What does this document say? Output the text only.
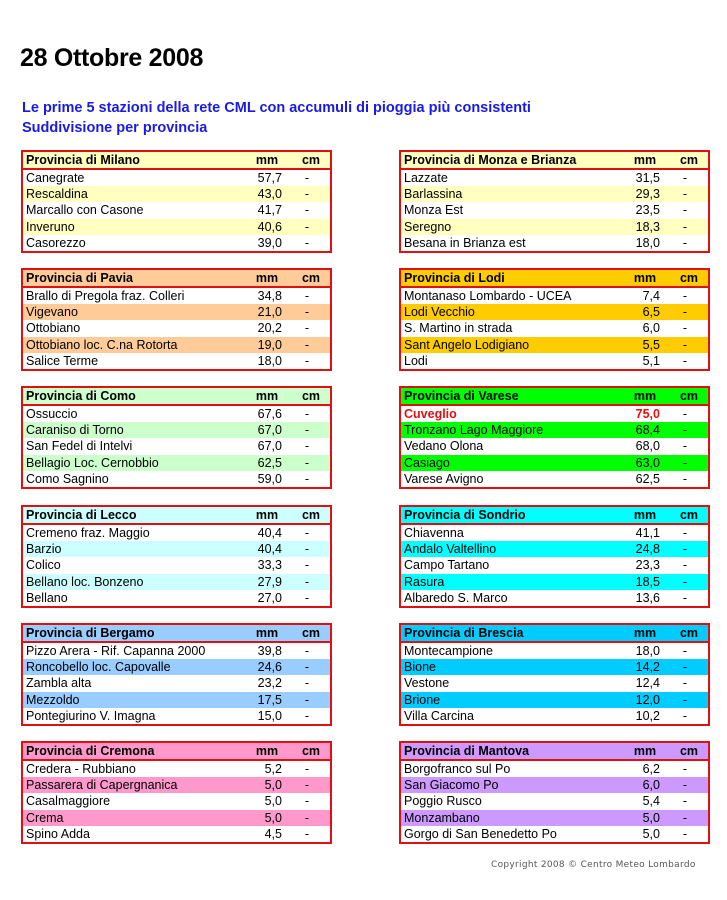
28 Ottobre 2008
Le prime 5 stazioni della rete CML con accumuli di pioggia più consistenti
Suddivisione per provincia
Provincia di Milano	mm	cm
Canegrate	57,7	-
Rescaldina	43,0	-
Marcallo con Casone	41,7	-
Inveruno	40,6	-
Casorezzo	39,0	-
Provincia di Monza e Brianza	mm	cm
Lazzate	31,5	-
Barlassina	29,3	-
Monza Est	23,5	-
Seregno	18,3	-
Besana in Brianza est	18,0	-
Provincia di Pavia	mm	cm
Brallo di Pregola fraz. Colleri	34,8	-
Vigevano	21,0	-
Ottobiano	20,2	-
Ottobiano loc. C.na Rotorta	19,0	-
Salice Terme	18,0	-
Provincia di Lodi	mm	cm
Montanaso Lombardo - UCEA	7,4	-
Lodi Vecchio	6,5	-
S. Martino in strada	6,0	-
Sant Angelo Lodigiano	5,5	-
Lodi	5,1	-
Provincia di Como	mm	cm
Ossuccio	67,6	-
Caraniso di Torno	67,0	-
San Fedel di Intelvi	67,0	-
Bellagio Loc. Cernobbio	62,5	-
Como Sagnino	59,0	-
Provincia di Varese	mm	cm
Cuveglio	75,0	-
Tronzano Lago Maggiore	68,4	-
Vedano Olona	68,0	-
Casiago	63,0	-
Varese Avigno	62,5	-
Provincia di Lecco	mm	cm
Cremeno fraz. Maggio	40,4	-
Barzio	40,4	-
Colico	33,3	-
Bellano loc. Bonzeno	27,9	-
Bellano	27,0	-
Provincia di Sondrio	mm	cm
Chiavenna	41,1	-
Andalo Valtellino	24,8	-
Campo Tartano	23,3	-
Rasura	18,5	-
Albaredo S. Marco	13,6	-
Provincia di Bergamo	mm	cm
Pizzo Arera - Rif. Capanna 2000	39,8	-
Roncobello loc. Capovalle	24,6	-
Zambla alta	23,2	-
Mezzoldo	17,5	-
Pontegiurino V. Imagna	15,0	-
Provincia di Brescia	mm	cm
Montecampione	18,0	-
Bione	14,2	-
Vestone	12,4	-
Brione	12,0	-
Villa Carcina	10,2	-
Provincia di Cremona	mm	cm
Credera - Rubbiano	5,2	-
Passarera di Capergnanica	5,0	-
Casalmaggiore	5,0	-
Crema	5,0	-
Spino Adda	4,5	-
Provincia di Mantova	mm	cm
Borgofranco sul Po	6,2	-
San Giacomo Po	6,0	-
Poggio Rusco	5,4	-
Monzambano	5,0	-
Gorgo di San Benedetto Po	5,0	-
Copyright 2008 © Centro Meteo Lombardo
